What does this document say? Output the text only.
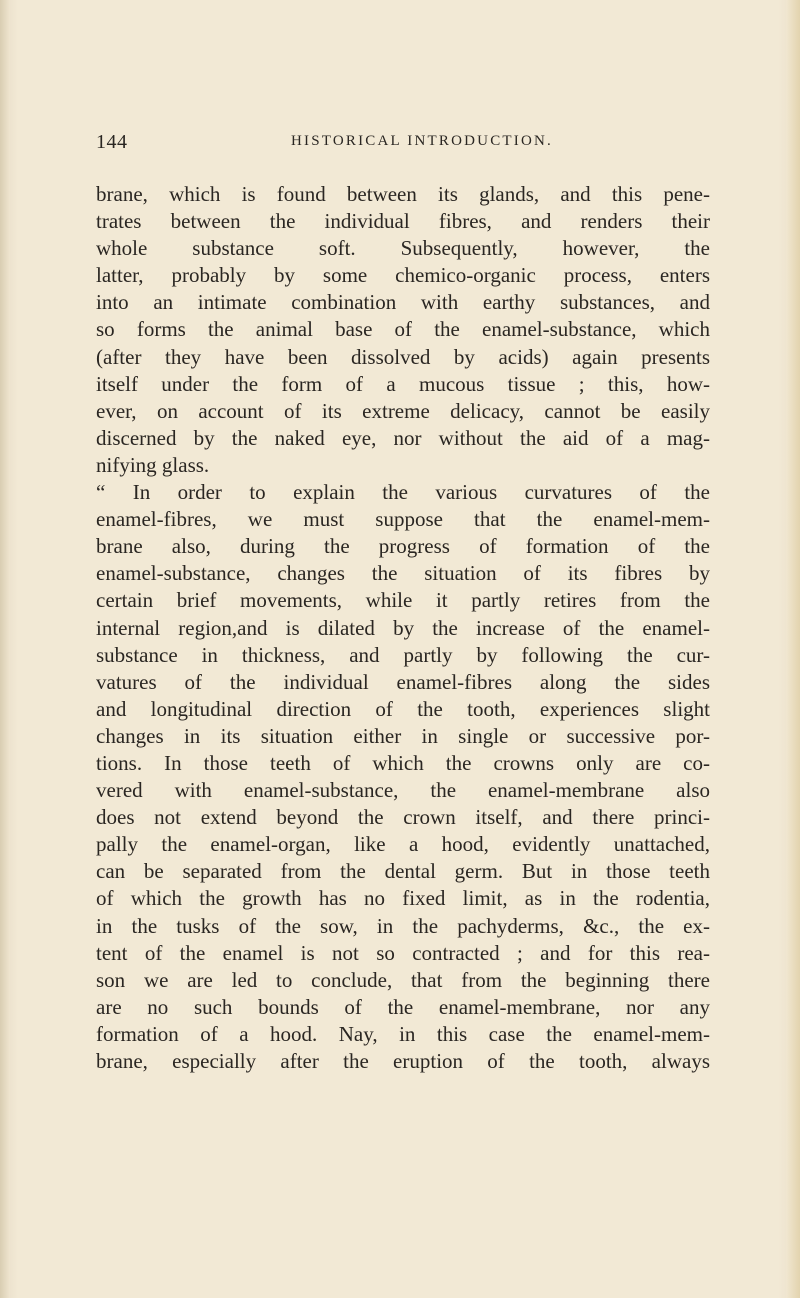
144	HISTORICAL INTRODUCTION.
brane, which is found between its glands, and this pene-
trates between the individual fibres, and renders their
whole substance soft. Subsequently, however, the
latter, probably by some chemico-organic process, enters
into an intimate combination with earthy substances, and
so forms the animal base of the enamel-substance, which
(after they have been dissolved by acids) again presents
itself under the form of a mucous tissue ; this, how-
ever, on account of its extreme delicacy, cannot be easily
discerned by the naked eye, nor without the aid of a mag-
nifying glass.
“ In order to explain the various curvatures of the
enamel-fibres, we must suppose that the enamel-mem-
brane also, during the progress of formation of the
enamel-substance, changes the situation of its fibres by
certain brief movements, while it partly retires from the
internal region,and is dilated by the increase of the enamel-
substance in thickness, and partly by following the cur-
vatures of the individual enamel-fibres along the sides
and longitudinal direction of the tooth, experiences slight
changes in its situation either in single or successive por-
tions. In those teeth of which the crowns only are co-
vered with enamel-substance, the enamel-membrane also
does not extend beyond the crown itself, and there princi-
pally the enamel-organ, like a hood, evidently unattached,
can be separated from the dental germ. But in those teeth
of which the growth has no fixed limit, as in the rodentia,
in the tusks of the sow, in the pachyderms, &c., the ex-
tent of the enamel is not so contracted ; and for this rea-
son we are led to conclude, that from the beginning there
are no such bounds of the enamel-membrane, nor any
formation of a hood. Nay, in this case the enamel-mem-
brane, especially after the eruption of the tooth, always
